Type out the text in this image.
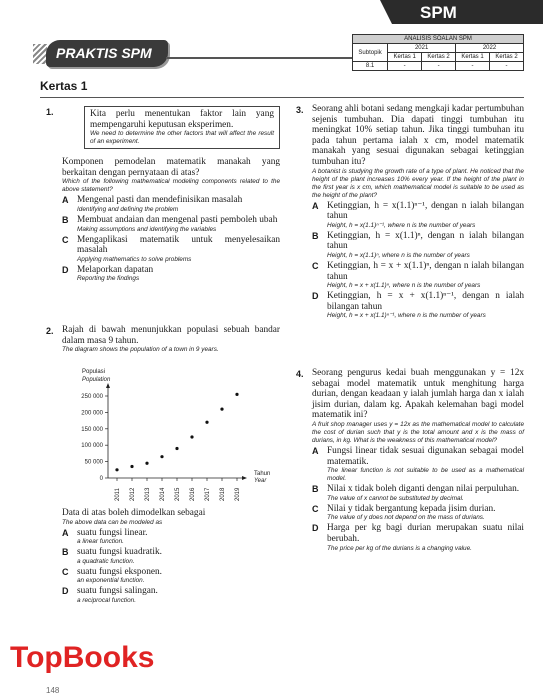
SPM
PRAKTIS SPM
ANALISIS SOALAN SPM				
Subtopik	2021		2022	
	Kertas 1	Kertas 2	Kertas 1	Kertas 2
8.1	-	-	-	-
Kertas 1
1.	Kita perlu menentukan faktor lain yang mempengaruhi keputusan eksperimen.

We need to determine the other factors that will affect the result of an experiment.

Komponen pemodelan matematik manakah yang berkaitan dengan pernyataan di atas?

Which of the following mathematical modeling components related to the above statement?

A Mengenal pasti dan mendefinisikan masalah

Identifying and defining the problem

B Membuat andaian dan mengenal pasti pemboleh ubah

Making assumptions and identifying the variables

C Mengaplikasi matematik untuk menyelesaikan masalah

Applying mathematics to solve problems

D Melaporkan dapatan

Reporting the findings

2. Rajah di bawah menunjukkan populasi sebuah bandar dalam masa 9 tahun.

The diagram shows the population of a town in 9 years.

Populasi
Population
Tahun
Year
0
50 000
100 000
150 000
200 000
250 000
2011 2012 2013 2014 2015 2016 2017 2018 2019

Data di atas boleh dimodelkan sebagai

The above data can be modeled as

A suatu fungsi linear.

a linear function.

B suatu fungsi kuadratik.

a quadratic function.

C suatu fungsi eksponen.

an exponential function.

D suatu fungsi salingan.

a reciprocal function.

3. Seorang ahli botani sedang mengkaji kadar pertumbuhan sejenis tumbuhan. Dia dapati tinggi tumbuhan itu meningkat 10% setiap tahun. Jika tinggi tumbuhan itu pada tahun pertama ialah x cm, model matematik manakah yang sesuai digunakan sebagai ketinggian tumbuhan itu?

A botanist is studying the growth rate of a type of plant. He noticed that the height of the plant increases 10% every year. If the height of the plant in the first year is x cm, which mathematical model is suitable to be used as the height of the plant?

A Ketinggian, h = x(1.1)ⁿ⁻¹, dengan n ialah bilangan tahun

Height, h = x(1.1)ⁿ⁻¹, where n is the number of years

B Ketinggian, h = x(1.1)ⁿ, dengan n ialah bilangan tahun

Height, h = x(1.1)ⁿ, where n is the number of years

C Ketinggian, h = x + x(1.1)ⁿ, dengan n ialah bilangan tahun

Height, h = x + x(1.1)ⁿ, where n is the number of years

D Ketinggian, h = x + x(1.1)ⁿ⁻¹, dengan n ialah bilangan tahun

Height, h = x + x(1.1)ⁿ⁻¹, where n is the number of years

4. Seorang pengurus kedai buah menggunakan y = 12x sebagai model matematik untuk menghitung harga durian, dengan keadaan y ialah jumlah harga dan x ialah jisim durian, dalam kg. Apakah kelemahan bagi model matematik ini?

A fruit shop manager uses y = 12x as the mathematical model to calculate the cost of durian such that y is the total amount and x is the mass of durians, in kg. What is the weakness of this mathematical model?

A Fungsi linear tidak sesuai digunakan sebagai model matematik.

The linear function is not suitable to be used as a mathematical model.

B Nilai x tidak boleh diganti dengan nilai perpuluhan.

The value of x cannot be substituted by decimal.

C Nilai y tidak bergantung kepada jisim durian.

The value of y does not depend on the mass of durians.

D Harga per kg bagi durian merupakan suatu nilai berubah.

The price per kg of the durians is a changing value.

TopBooks
148
